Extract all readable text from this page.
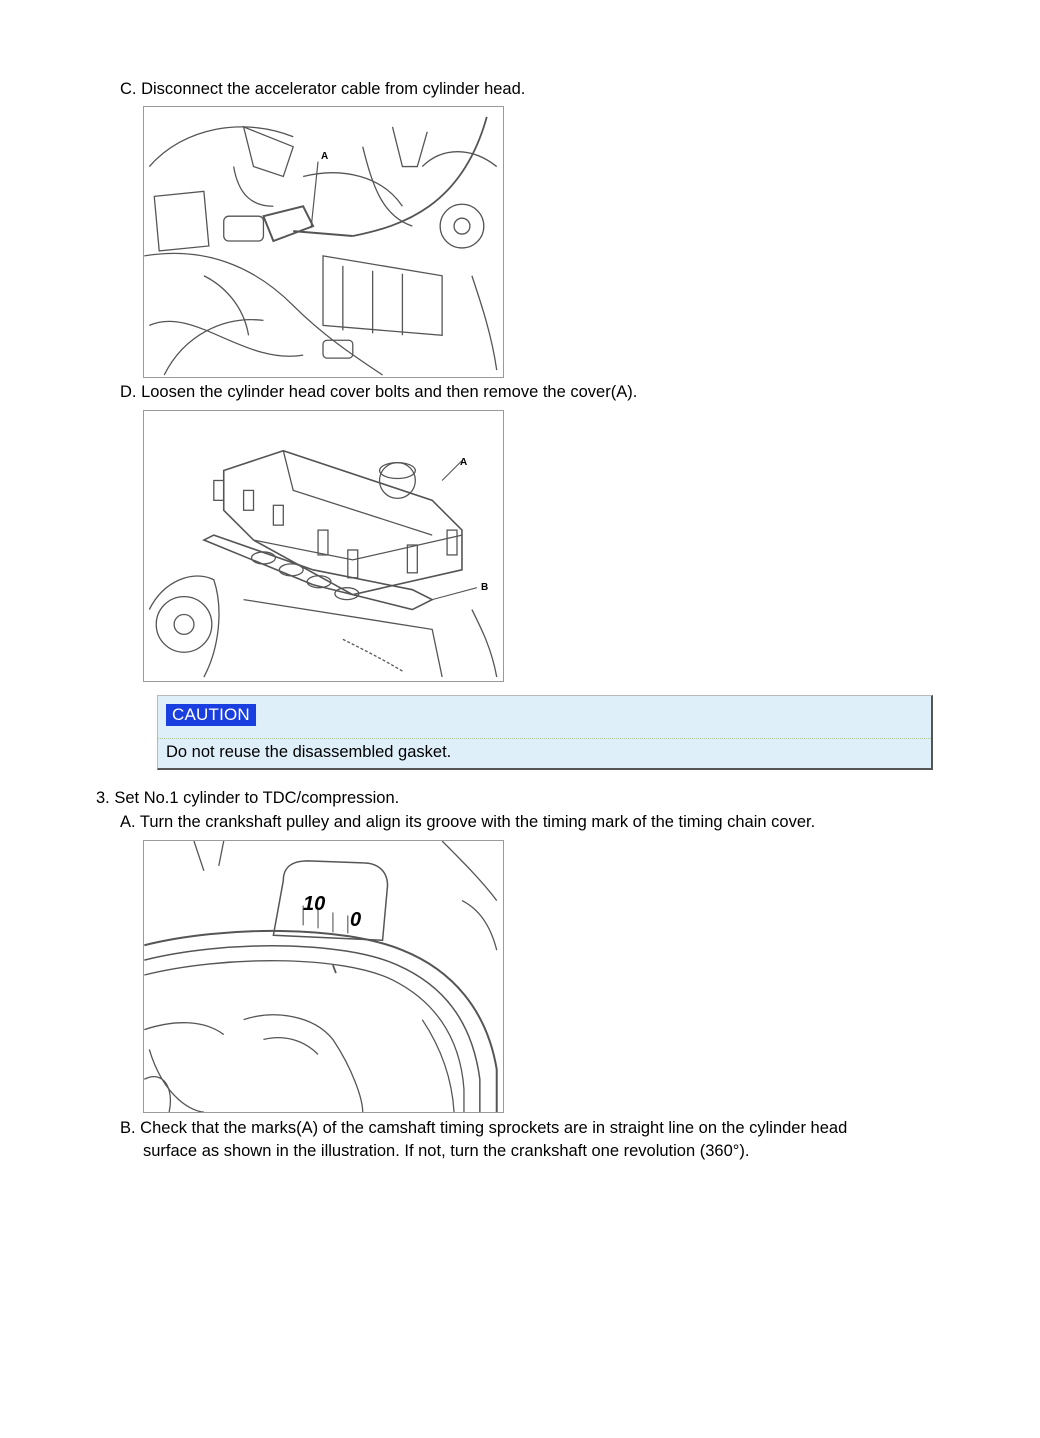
C. Disconnect the accelerator cable from cylinder head.
A
D. Loosen the cylinder head cover bolts and then remove the cover(A).
A
B
CAUTION
Do not reuse the disassembled gasket.
3. Set No.1 cylinder to TDC/compression.
A. Turn the crankshaft pulley and align its groove with the timing mark of the timing chain cover.
10
0
B. Check that the marks(A) of the camshaft timing sprockets are in straight line on the cylinder head
surface as shown in the illustration. If not, turn the crankshaft one revolution (360°).
